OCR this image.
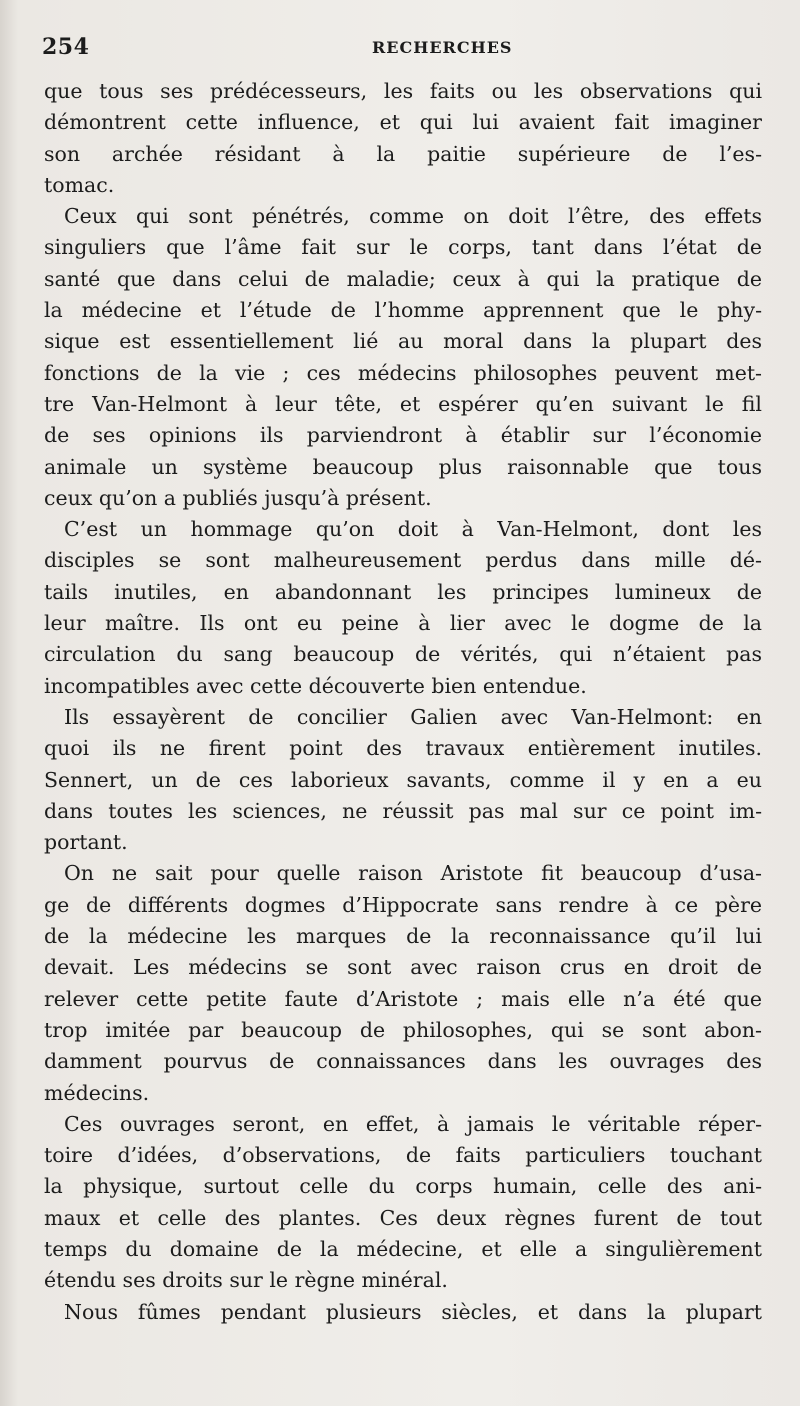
254	RECHERCHES
que tous ses prédécesseurs, les faits ou les observations qui
démontrent cette influence, et qui lui avaient fait imaginer
son archée résidant à la paitie supérieure de l’es-
tomac.
Ceux qui sont pénétrés, comme on doit l’être, des effets
singuliers que l’âme fait sur le corps, tant dans l’état de
santé que dans celui de maladie; ceux à qui la pratique de
la médecine et l’étude de l’homme apprennent que le phy-
sique est essentiellement lié au moral dans la plupart des
fonctions de la vie ; ces médecins philosophes peuvent met-
tre Van-Helmont à leur tête, et espérer qu’en suivant le fil
de ses opinions ils parviendront à établir sur l’économie
animale un système beaucoup plus raisonnable que tous
ceux qu’on a publiés jusqu’à présent.
C’est un hommage qu’on doit à Van-Helmont, dont les
disciples se sont malheureusement perdus dans mille dé-
tails inutiles, en abandonnant les principes lumineux de
leur maître. Ils ont eu peine à lier avec le dogme de la
circulation du sang beaucoup de vérités, qui n’étaient pas
incompatibles avec cette découverte bien entendue.
Ils essayèrent de concilier Galien avec Van-Helmont: en
quoi ils ne firent point des travaux entièrement inutiles.
Sennert, un de ces laborieux savants, comme il y en a eu
dans toutes les sciences, ne réussit pas mal sur ce point im-
portant.
On ne sait pour quelle raison Aristote fit beaucoup d’usa-
ge de différents dogmes d’Hippocrate sans rendre à ce père
de la médecine les marques de la reconnaissance qu’il lui
devait. Les médecins se sont avec raison crus en droit de
relever cette petite faute d’Aristote ; mais elle n’a été que
trop imitée par beaucoup de philosophes, qui se sont abon-
damment pourvus de connaissances dans les ouvrages des
médecins.
Ces ouvrages seront, en effet, à jamais le véritable réper-
toire d’idées, d’observations, de faits particuliers touchant
la physique, surtout celle du corps humain, celle des ani-
maux et celle des plantes. Ces deux règnes furent de tout
temps du domaine de la médecine, et elle a singulièrement
étendu ses droits sur le règne minéral.
Nous fûmes pendant plusieurs siècles, et dans la plupart
